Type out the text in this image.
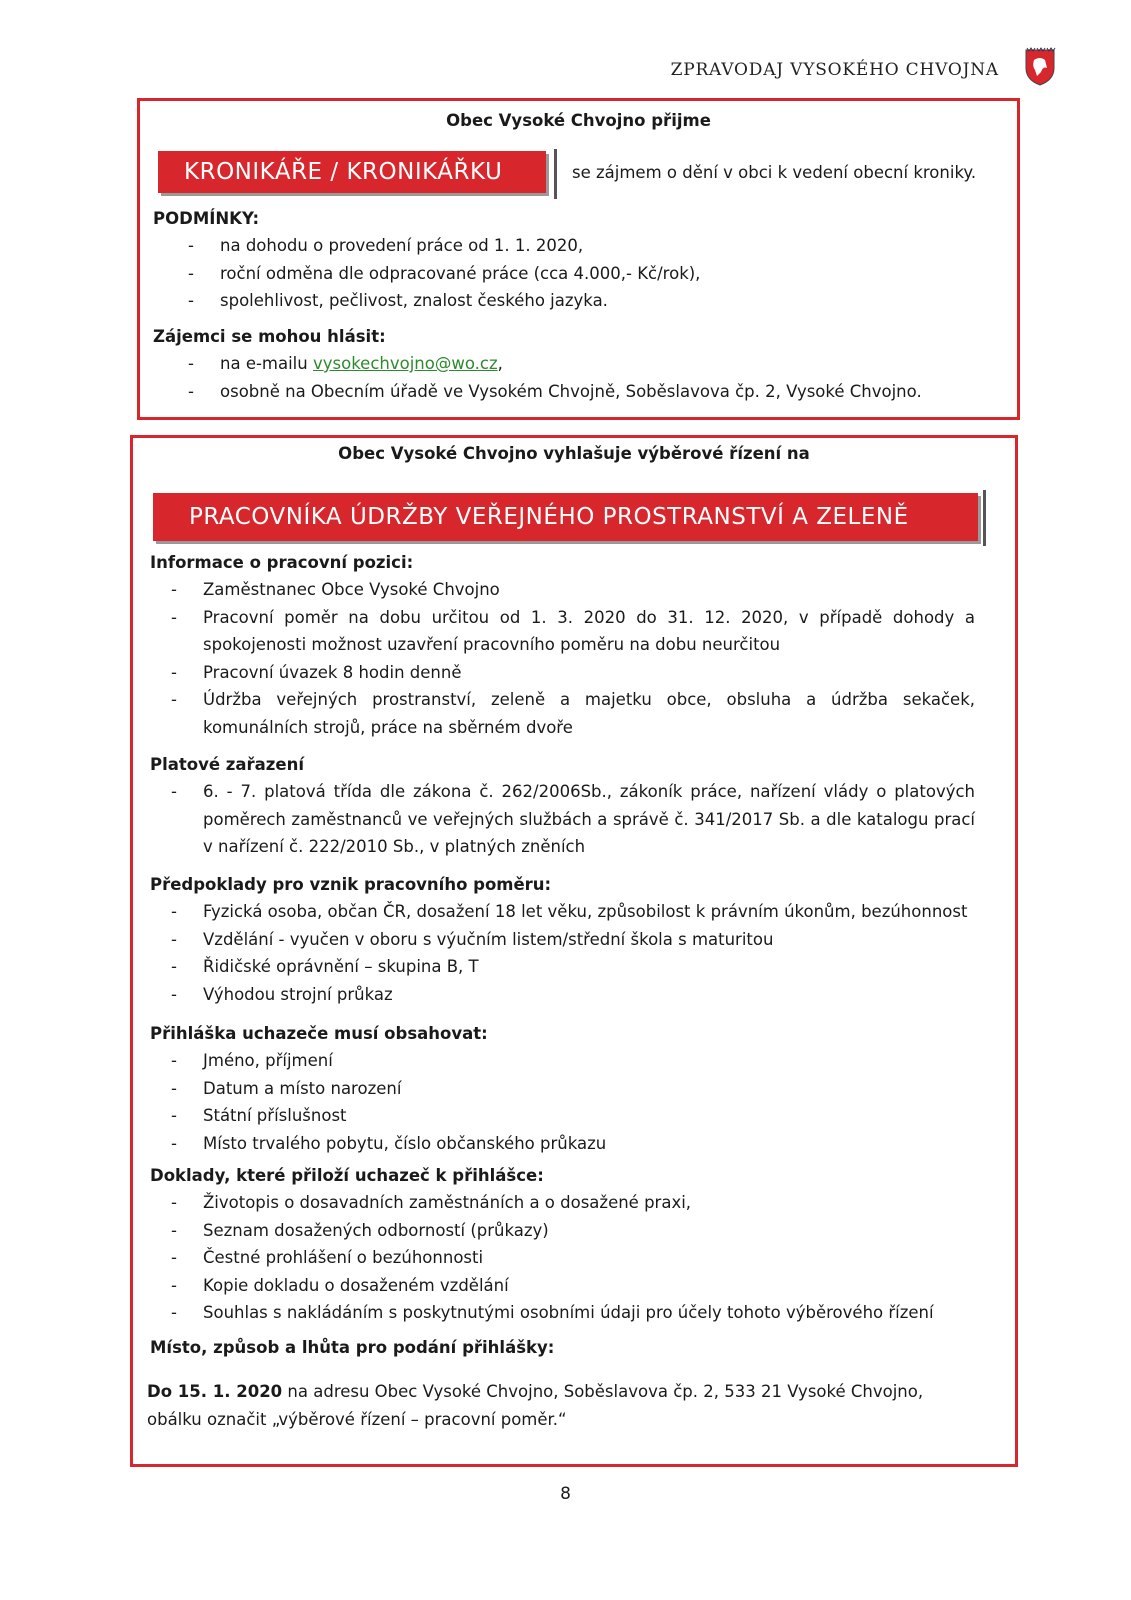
ZPRAVODAJ VYSOKÉHO CHVOJNA
Obec Vysoké Chvojno přijme
KRONIKÁŘE / KRONIKÁŘKU	se zájmem o dění v obci k vedení obecní kroniky.
PODMÍNKY:
- na dohodu o provedení práce od 1. 1. 2020,
- roční odměna dle odpracované práce (cca 4.000,- Kč/rok),
- spolehlivost, pečlivost, znalost českého jazyka.
Zájemci se mohou hlásit:
- na e-mailu vysokechvojno@wo.cz,
- osobně na Obecním úřadě ve Vysokém Chvojně, Soběslavova čp. 2, Vysoké Chvojno.
Obec Vysoké Chvojno vyhlašuje výběrové řízení na
PRACOVNÍKA ÚDRŽBY VEŘEJNÉHO PROSTRANSTVÍ A ZELENĚ
Informace o pracovní pozici:
- Zaměstnanec Obce Vysoké Chvojno
- Pracovní poměr na dobu určitou od 1. 3. 2020 do 31. 12. 2020, v případě dohody a spokojenosti možnost uzavření pracovního poměru na dobu neurčitou
- Pracovní úvazek 8 hodin denně
- Údržba veřejných prostranství, zeleně a majetku obce, obsluha a údržba sekaček, komunálních strojů, práce na sběrném dvoře
Platové zařazení
- 6. - 7. platová třída dle zákona č. 262/2006Sb., zákoník práce, nařízení vlády o platových poměrech zaměstnanců ve veřejných službách a správě č. 341/2017 Sb. a dle katalogu prací v nařízení č. 222/2010 Sb., v platných zněních
Předpoklady pro vznik pracovního poměru:
- Fyzická osoba, občan ČR, dosažení 18 let věku, způsobilost k právním úkonům, bezúhonnost
- Vzdělání - vyučen v oboru s výučním listem/střední škola s maturitou
- Řidičské oprávnění – skupina B, T
- Výhodou strojní průkaz
Přihláška uchazeče musí obsahovat:
- Jméno, příjmení
- Datum a místo narození
- Státní příslušnost
- Místo trvalého pobytu, číslo občanského průkazu
Doklady, které přiloží uchazeč k přihlášce:
- Životopis o dosavadních zaměstnáních a o dosažené praxi,
- Seznam dosažených odborností (průkazy)
- Čestné prohlášení o bezúhonnosti
- Kopie dokladu o dosaženém vzdělání
- Souhlas s nakládáním s poskytnutými osobními údaji pro účely tohoto výběrového řízení
Místo, způsob a lhůta pro podání přihlášky:
Do 15. 1. 2020 na adresu Obec Vysoké Chvojno, Soběslavova čp. 2, 533 21 Vysoké Chvojno, obálku označit „výběrové řízení – pracovní poměr.“
8
